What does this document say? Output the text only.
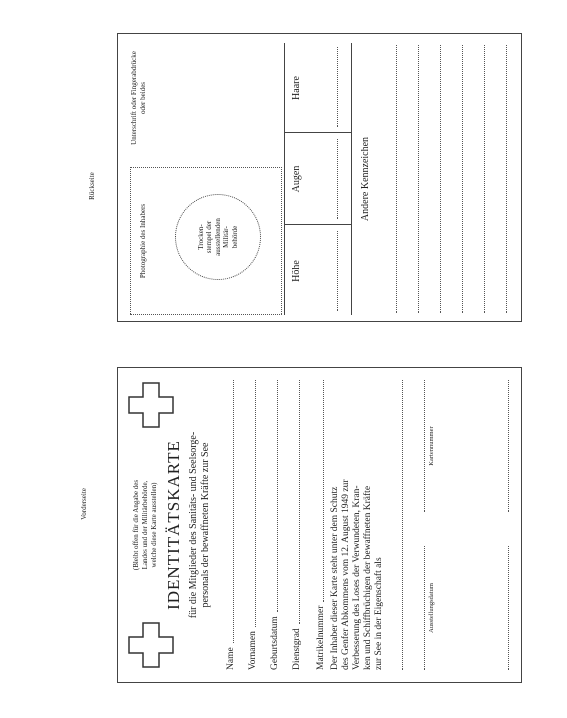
Vorderseite
Rückseite
(Bleibt offen für die Angabe des Landes und der Militärbehörde, welche diese Karte ausstellen) IDENTITÄTSKARTE für die Mitglieder des Sanitäts- und Seelsorge- personals der bewaffneten Kräfte zur See
Name Vornamen Geburtsdatum Dienstgrad Matrikelnummer Der Inhaber dieser Karte steht unter dem Schutz des Genfer Abkommens vom 12. August 1949 zur Verbesserung des Loses der Verwundeten, Kran- ken und Schiffbrüchigen der bewaffneten Kräfte zur See in der Eigenschaft als	Ausstellungsdatum
Kartennummer
Photographie des Inhabers	Trocken- stempel der ausstellenden Militär- behörde
Unterschrift oder Fingerabdrücke oder beides
Höhe
Augen
Haare
Andere Kennzeichen
